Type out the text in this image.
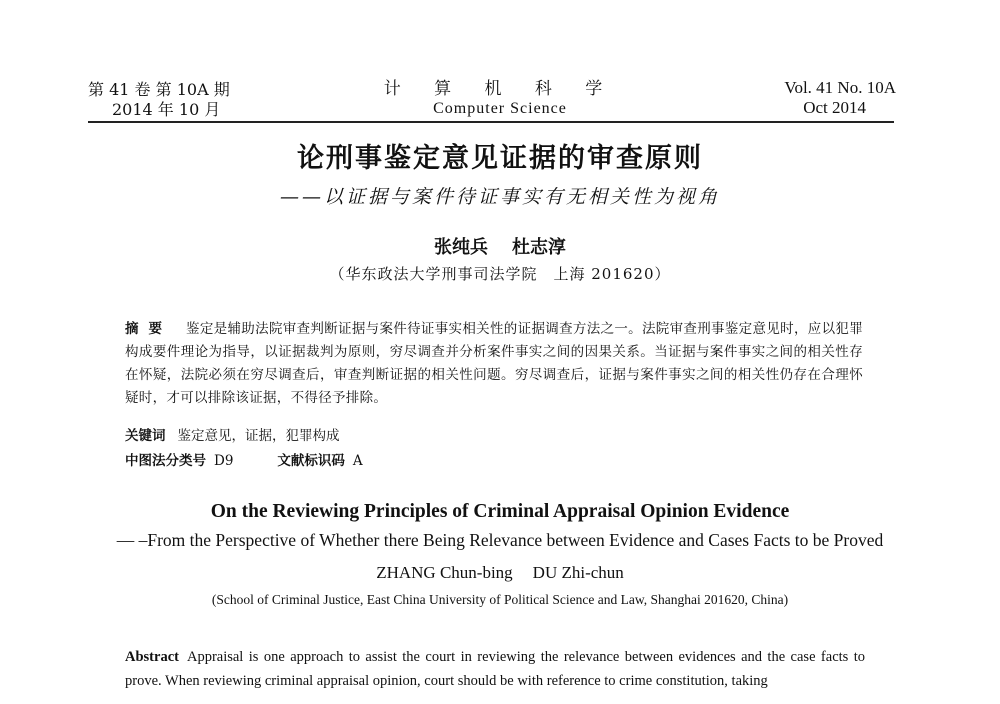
第 41 卷 第 10A 期
2014 年 10 月
计 算 机 科 学
Computer Science
Vol. 41 No. 10A
Oct 2014
论刑事鉴定意见证据的审查原则
——以证据与案件待证事实有无相关性为视角
张纯兵 杜志淳
（华东政法大学刑事司法学院　上海 201620）
摘要 鉴定是辅助法院审查判断证据与案件待证事实相关性的证据调查方法之一。法院审查刑事鉴定意见时，应以犯罪构成要件理论为指导，以证据裁判为原则，穷尽调查并分析案件事实之间的因果关系。当证据与案件事实之间的相关性存在怀疑，法院必须在穷尽调查后，审查判断证据的相关性问题。穷尽调查后，证据与案件事实之间的相关性仍存在合理怀疑时，才可以排除该证据，不得径予排除。
关键词 鉴定意见，证据，犯罪构成
中图法分类号 D9	文献标识码 A
On the Reviewing Principles of Criminal Appraisal Opinion Evidence
— –From the Perspective of Whether there Being Relevance between Evidence and Cases Facts to be Proved
ZHANG Chun-bing DU Zhi-chun
(School of Criminal Justice, East China University of Political Science and Law, Shanghai 201620, China)
Abstract Appraisal is one approach to assist the court in reviewing the relevance between evidences and the case facts to prove. When reviewing criminal appraisal opinion, court should be with reference to crime constitution, taking
